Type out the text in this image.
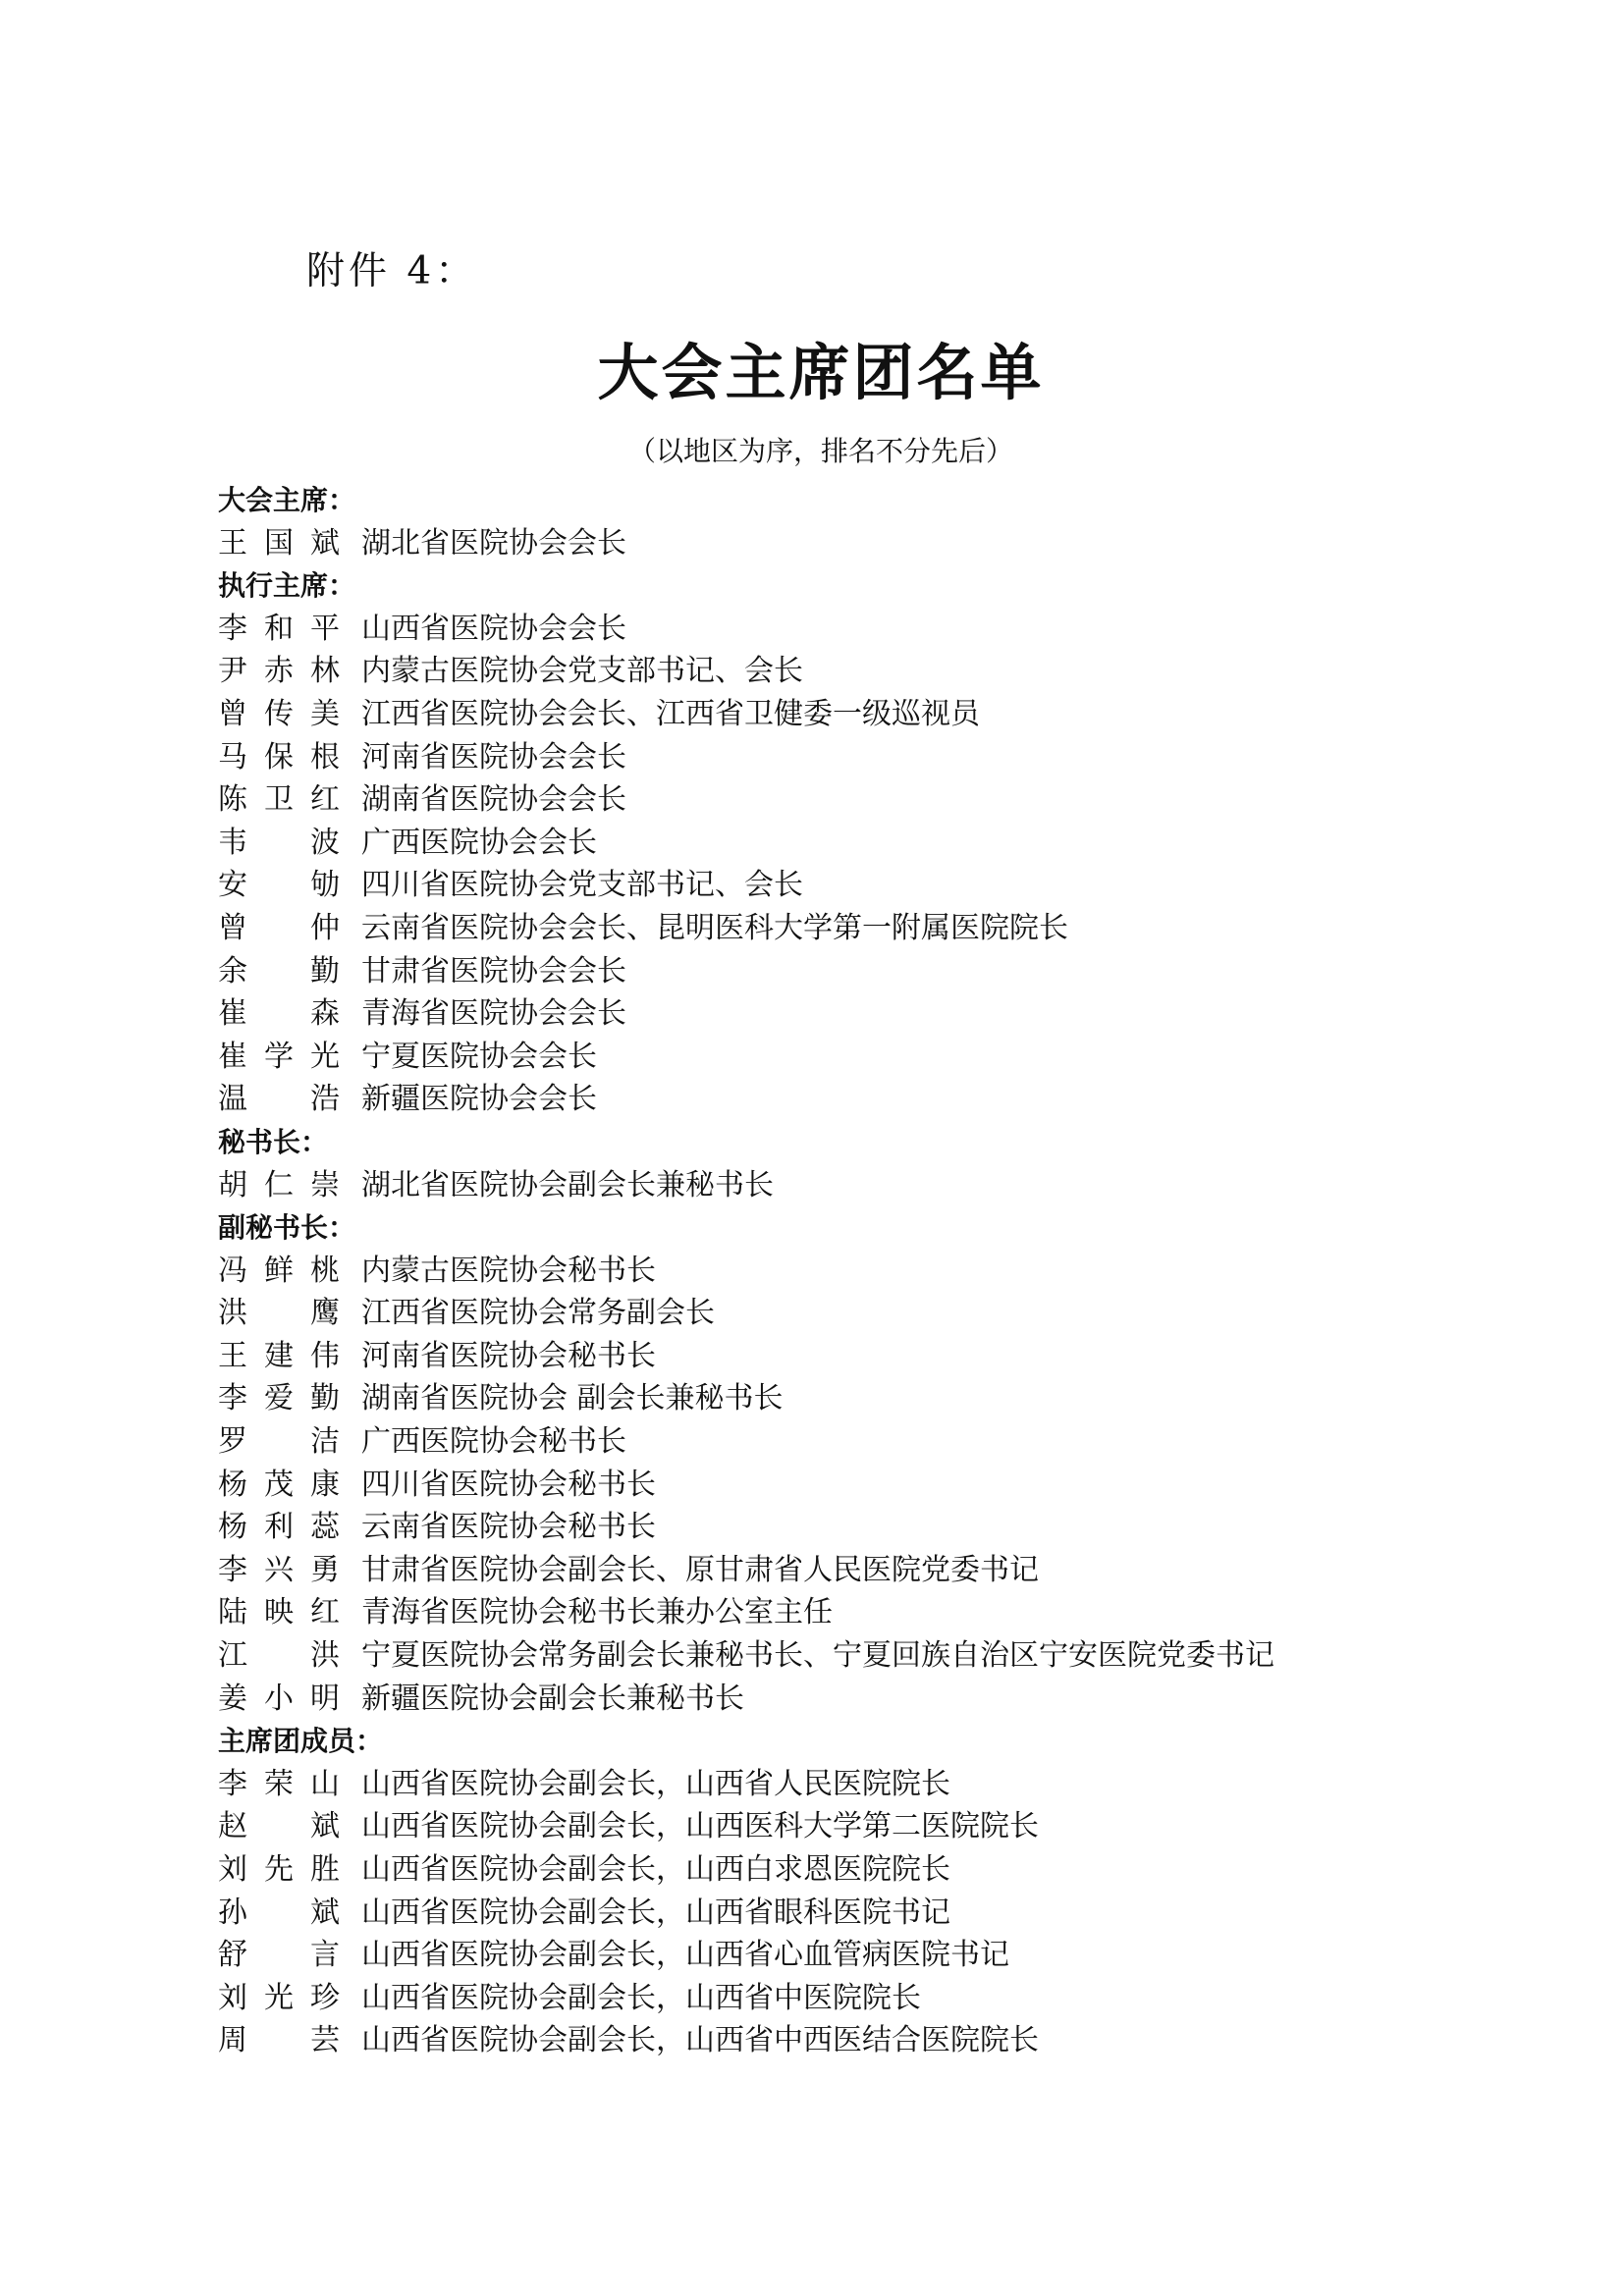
附件 4：
大会主席团名单
（以地区为序，排名不分先后）
大会主席：
王国斌 湖北省医院协会会长
执行主席：
李和平 山西省医院协会会长
尹赤林 内蒙古医院协会党支部书记、会长
曾传美 江西省医院协会会长、江西省卫健委一级巡视员
马保根 河南省医院协会会长
陈卫红 湖南省医院协会会长
韦　波 广西医院协会会长
安　劬 四川省医院协会党支部书记、会长
曾　仲 云南省医院协会会长、昆明医科大学第一附属医院院长
余　勤 甘肃省医院协会会长
崔　森 青海省医院协会会长
崔学光 宁夏医院协会会长
温　浩 新疆医院协会会长
秘书长：
胡仁崇 湖北省医院协会副会长兼秘书长
副秘书长：
冯鲜桃 内蒙古医院协会秘书长
洪　鹰 江西省医院协会常务副会长
王建伟 河南省医院协会秘书长
李爱勤 湖南省医院协会 副会长兼秘书长
罗　洁 广西医院协会秘书长
杨茂康 四川省医院协会秘书长
杨利蕊 云南省医院协会秘书长
李兴勇 甘肃省医院协会副会长、原甘肃省人民医院党委书记
陆映红 青海省医院协会秘书长兼办公室主任
江　洪 宁夏医院协会常务副会长兼秘书长、宁夏回族自治区宁安医院党委书记
姜小明 新疆医院协会副会长兼秘书长
主席团成员：
李荣山 山西省医院协会副会长，山西省人民医院院长
赵　斌 山西省医院协会副会长，山西医科大学第二医院院长
刘先胜 山西省医院协会副会长，山西白求恩医院院长
孙　斌 山西省医院协会副会长，山西省眼科医院书记
舒　言 山西省医院协会副会长，山西省心血管病医院书记
刘光珍 山西省医院协会副会长，山西省中医院院长
周　芸 山西省医院协会副会长，山西省中西医结合医院院长
